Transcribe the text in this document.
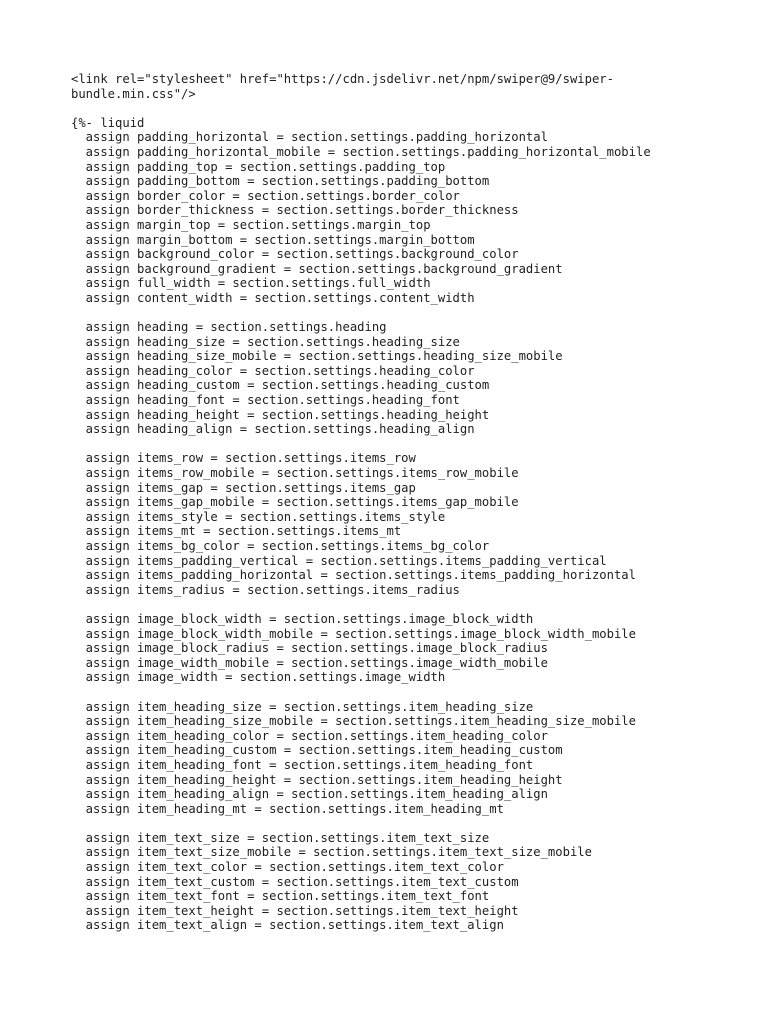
<link rel="stylesheet" href="https://cdn.jsdelivr.net/npm/swiper@9/swiper-
bundle.min.css"/>
{%- liquid
assign padding_horizontal = section.settings.padding_horizontal
assign padding_horizontal_mobile = section.settings.padding_horizontal_mobile
assign padding_top = section.settings.padding_top
assign padding_bottom = section.settings.padding_bottom
assign border_color = section.settings.border_color
assign border_thickness = section.settings.border_thickness
assign margin_top = section.settings.margin_top
assign margin_bottom = section.settings.margin_bottom
assign background_color = section.settings.background_color
assign background_gradient = section.settings.background_gradient
assign full_width = section.settings.full_width
assign content_width = section.settings.content_width
assign heading = section.settings.heading
assign heading_size = section.settings.heading_size
assign heading_size_mobile = section.settings.heading_size_mobile
assign heading_color = section.settings.heading_color
assign heading_custom = section.settings.heading_custom
assign heading_font = section.settings.heading_font
assign heading_height = section.settings.heading_height
assign heading_align = section.settings.heading_align
assign items_row = section.settings.items_row
assign items_row_mobile = section.settings.items_row_mobile
assign items_gap = section.settings.items_gap
assign items_gap_mobile = section.settings.items_gap_mobile
assign items_style = section.settings.items_style
assign items_mt = section.settings.items_mt
assign items_bg_color = section.settings.items_bg_color
assign items_padding_vertical = section.settings.items_padding_vertical
assign items_padding_horizontal = section.settings.items_padding_horizontal
assign items_radius = section.settings.items_radius
assign image_block_width = section.settings.image_block_width
assign image_block_width_mobile = section.settings.image_block_width_mobile
assign image_block_radius = section.settings.image_block_radius
assign image_width_mobile = section.settings.image_width_mobile
assign image_width = section.settings.image_width
assign item_heading_size = section.settings.item_heading_size
assign item_heading_size_mobile = section.settings.item_heading_size_mobile
assign item_heading_color = section.settings.item_heading_color
assign item_heading_custom = section.settings.item_heading_custom
assign item_heading_font = section.settings.item_heading_font
assign item_heading_height = section.settings.item_heading_height
assign item_heading_align = section.settings.item_heading_align
assign item_heading_mt = section.settings.item_heading_mt
assign item_text_size = section.settings.item_text_size
assign item_text_size_mobile = section.settings.item_text_size_mobile
assign item_text_color = section.settings.item_text_color
assign item_text_custom = section.settings.item_text_custom
assign item_text_font = section.settings.item_text_font
assign item_text_height = section.settings.item_text_height
assign item_text_align = section.settings.item_text_align
